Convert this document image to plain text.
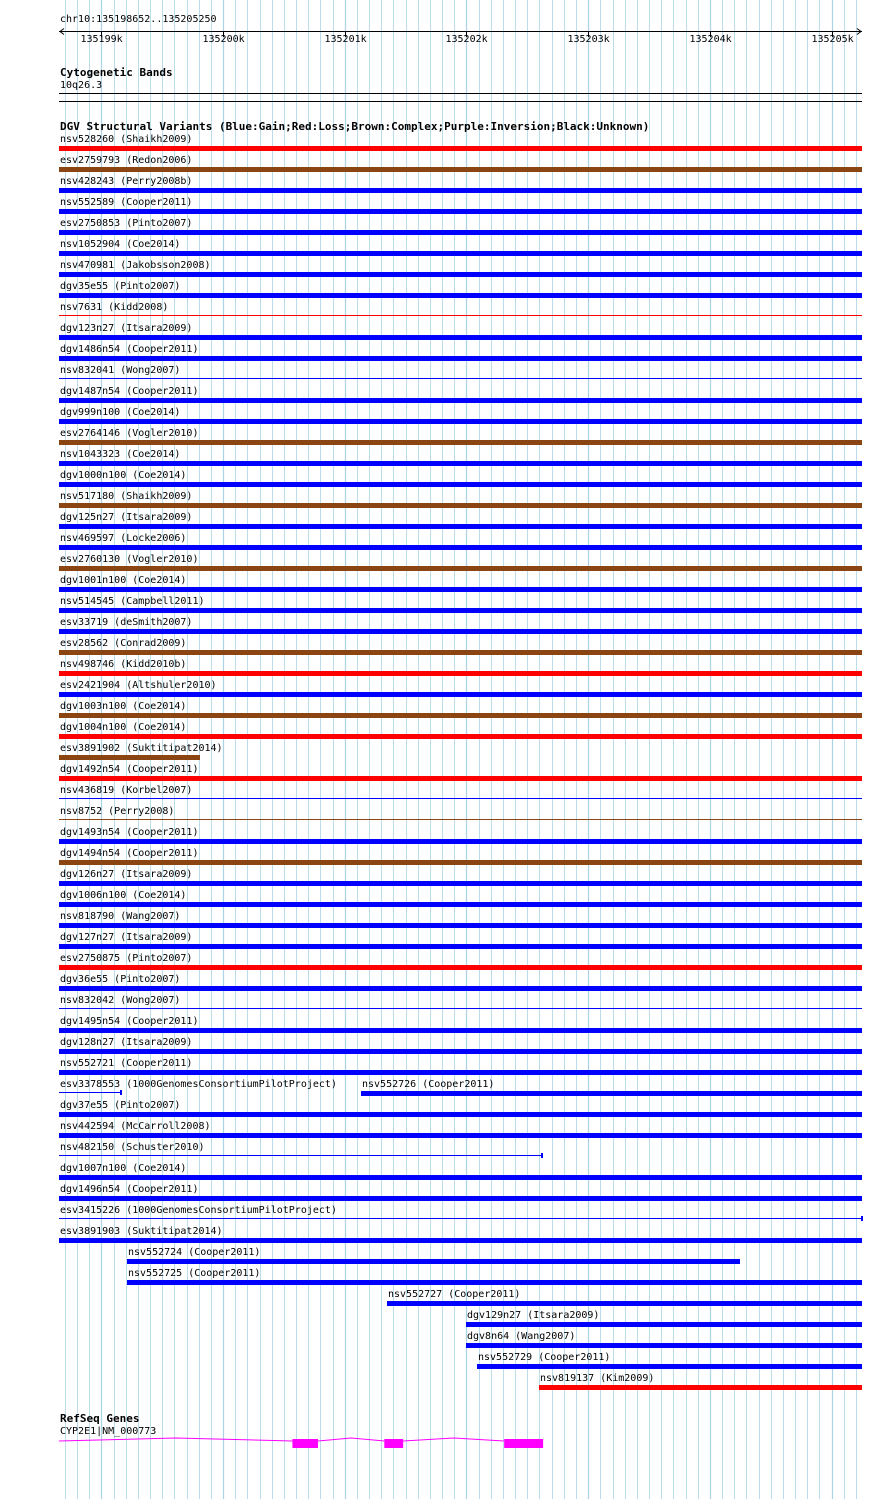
chr10:135198652..135205250
135199k	135200k	135201k	135202k	135203k	135204k	135205k
Cytogenetic Bands
10q26.3
DGV Structural Variants (Blue:Gain;Red:Loss;Brown:Complex;Purple:Inversion;Black:Unknown)
nsv528260 (Shaikh2009)
esv2759793 (Redon2006)
nsv428243 (Perry2008b)
nsv552589 (Cooper2011)
esv2750853 (Pinto2007)
nsv1052904 (Coe2014)
nsv470981 (Jakobsson2008)
dgv35e55 (Pinto2007)
nsv7631 (Kidd2008)
dgv123n27 (Itsara2009)
dgv1486n54 (Cooper2011)
nsv832041 (Wong2007)
dgv1487n54 (Cooper2011)
dgv999n100 (Coe2014)
esv2764146 (Vogler2010)
nsv1043323 (Coe2014)
dgv1000n100 (Coe2014)
nsv517180 (Shaikh2009)
dgv125n27 (Itsara2009)
nsv469597 (Locke2006)
esv2760130 (Vogler2010)
dgv1001n100 (Coe2014)
nsv514545 (Campbell2011)
esv33719 (deSmith2007)
esv28562 (Conrad2009)
nsv498746 (Kidd2010b)
esv2421904 (Altshuler2010)
dgv1003n100 (Coe2014)
dgv1004n100 (Coe2014)
esv3891902 (Suktitipat2014)
dgv1492n54 (Cooper2011)
nsv436819 (Korbel2007)
nsv8752 (Perry2008)
dgv1493n54 (Cooper2011)
dgv1494n54 (Cooper2011)
dgv126n27 (Itsara2009)
dgv1006n100 (Coe2014)
nsv818790 (Wang2007)
dgv127n27 (Itsara2009)
esv2750875 (Pinto2007)
dgv36e55 (Pinto2007)
nsv832042 (Wong2007)
dgv1495n54 (Cooper2011)
dgv128n27 (Itsara2009)
nsv552721 (Cooper2011)
esv3378553 (1000GenomesConsortiumPilotProject)	nsv552726 (Cooper2011)
dgv37e55 (Pinto2007)
nsv442594 (McCarroll2008)
nsv482150 (Schuster2010)
dgv1007n100 (Coe2014)
dgv1496n54 (Cooper2011)
esv3415226 (1000GenomesConsortiumPilotProject)
esv3891903 (Suktitipat2014)
nsv552724 (Cooper2011)
nsv552725 (Cooper2011)
nsv552727 (Cooper2011)
dgv129n27 (Itsara2009)
dgv8n64 (Wang2007)
nsv552729 (Cooper2011)
nsv819137 (Kim2009)
RefSeq Genes
CYP2E1|NM_000773
